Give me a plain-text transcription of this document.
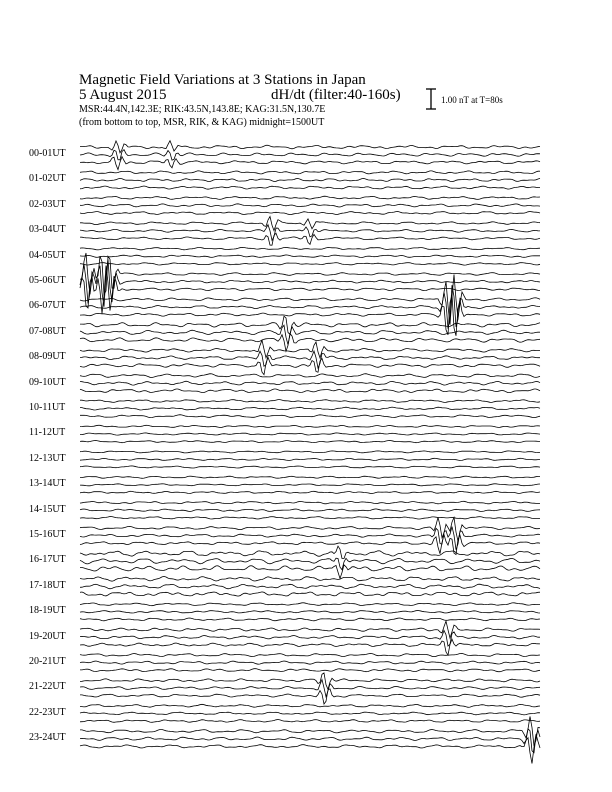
Magnetic Field Variations at 3 Stations in Japan
5 August 2015	dH/dt (filter:40-160s)
MSR:44.4N,142.3E; RIK:43.5N,143.8E; KAG:31.5N,130.7E
(from bottom to top, MSR, RIK, & KAG) midnight=1500UT
1.00 nT at T=80s
00-01UT
01-02UT
02-03UT
03-04UT
04-05UT
05-06UT
06-07UT
07-08UT
08-09UT
09-10UT
10-11UT
11-12UT
12-13UT
13-14UT
14-15UT
15-16UT
16-17UT
17-18UT
18-19UT
19-20UT
20-21UT
21-22UT
22-23UT
23-24UT
